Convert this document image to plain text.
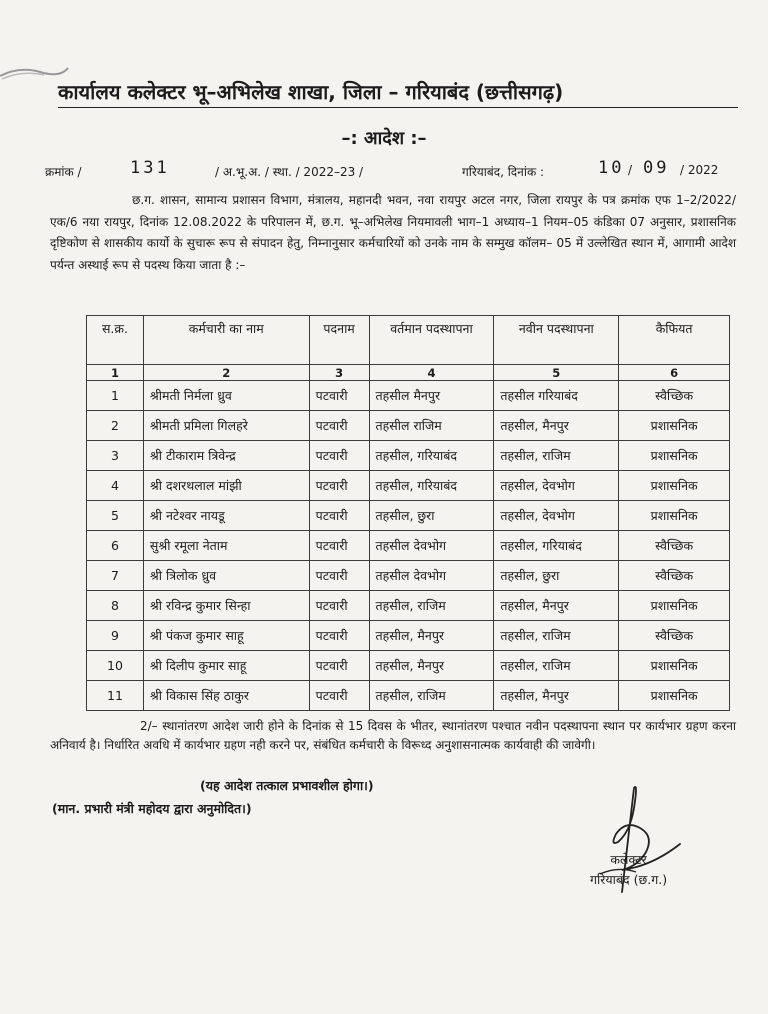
कार्यालय कलेक्टर भू–अभिलेख शाखा, जिला – गरियाबंद (छत्तीसगढ़)
–: आदेश :–
क्रमांक /	131	/ अ.भू.अ. / स्था. / 2022–23 /	गरियाबंद, दिनांक :	10 / 09 / 2022

छ.ग. शासन, सामान्य प्रशासन विभाग, मंत्रालय, महानदी भवन, नवा रायपुर अटल नगर, जिला रायपुर के पत्र क्रमांक एफ 1–2/2022/एक/6 नया रायपुर, दिनांक 12.08.2022 के परिपालन में, छ.ग. भू–अभिलेख नियमावली भाग–1 अध्याय–1 नियम–05 कंडिका 07 अनुसार, प्रशासनिक दृष्टिकोण से शासकीय कार्यो के सुचारू रूप से संपादन हेतु, निम्नानुसार कर्मचारियों को उनके नाम के सम्मुख कॉलम– 05 में उल्लेखित स्थान में, आगामी आदेश पर्यन्त अस्थाई रूप से पदस्थ किया जाता है :–

स.क्र.	कर्मचारी का नाम	पदनाम	वर्तमान पदस्थापना	नवीन पदस्थापना	कैफियत
1	2	3	4	5	6
1	श्रीमती निर्मला ध्रुव	पटवारी	तहसील मैनपुर	तहसील गरियाबंद	स्वैच्छिक
2	श्रीमती प्रमिला गिलहरे	पटवारी	तहसील राजिम	तहसील, मैनपुर	प्रशासनिक
3	श्री टीकाराम त्रिवेन्द्र	पटवारी	तहसील, गरियाबंद	तहसील, राजिम	प्रशासनिक
4	श्री दशरथलाल मांझी	पटवारी	तहसील, गरियाबंद	तहसील, देवभोग	प्रशासनिक
5	श्री नटेश्वर नायडू	पटवारी	तहसील, छुरा	तहसील, देवभोग	प्रशासनिक
6	सुश्री रमूला नेताम	पटवारी	तहसील देवभोग	तहसील, गरियाबंद	स्वैच्छिक
7	श्री त्रिलोक ध्रुव	पटवारी	तहसील देवभोग	तहसील, छुरा	स्वैच्छिक
8	श्री रविन्द्र कुमार सिन्हा	पटवारी	तहसील, राजिम	तहसील, मैनपुर	प्रशासनिक
9	श्री पंकज कुमार साहू	पटवारी	तहसील, मैनपुर	तहसील, राजिम	स्वैच्छिक
10	श्री दिलीप कुमार साहू	पटवारी	तहसील, मैनपुर	तहसील, राजिम	प्रशासनिक
11	श्री विकास सिंह ठाकुर	पटवारी	तहसील, राजिम	तहसील, मैनपुर	प्रशासनिक

2/– स्थानांतरण आदेश जारी होने के दिनांक से 15 दिवस के भीतर, स्थानांतरण पश्चात नवीन पदस्थापना स्थान पर कार्यभार ग्रहण करना अनिवार्य है। निर्धारित अवधि में कार्यभार ग्रहण नही करने पर, संबंधित कर्मचारी के विरूध्द अनुशासनात्मक कार्यवाही की जावेगी।

(यह आदेश तत्काल प्रभावशील होगा।)
(मान. प्रभारी मंत्री महोदय द्वारा अनुमोदित।)
कलेक्टर
गरियाबंद (छ.ग.)
